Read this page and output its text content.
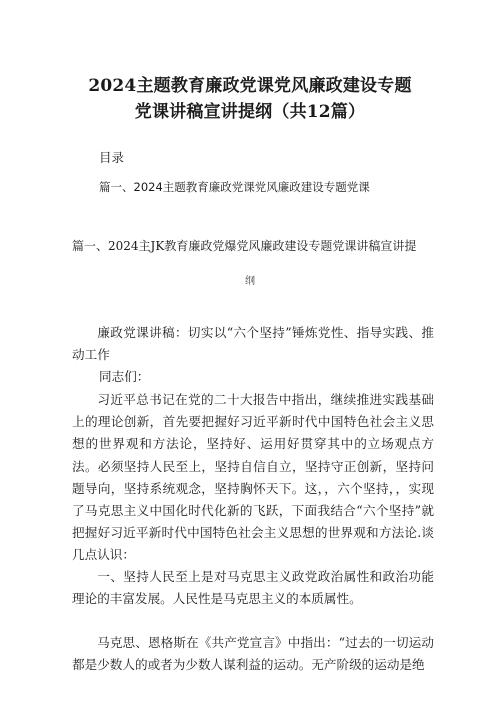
2024主题教育廉政党课党风廉政建设专题
党课讲稿宣讲提纲（共12篇）
目录
篇一、2024主题教育廉政党课党风廉政建设专题党课
篇一、2024主JK教育廉政党爆党风廉政建设专题党课讲稿宣讲提
纲
廉政党课讲稿：切实以“六个坚持”锤炼党性、指导实践、推动工作
同志们：
习近平总书记在党的二十大报告中指出，继续推进实践基础上的理论创新，首先要把握好习近平新时代中国特色社会主义思想的世界观和方法论，坚持好、运用好贯穿其中的立场观点方法。必须坚持人民至上，坚持自信自立，坚持守正创新，坚持问题导向，坚持系统观念，坚持胸怀天下。这，，六个坚持，，实现了马克思主义中国化时代化新的飞跃，下面我结合“六个坚持”就把握好习近平新时代中国特色社会主义思想的世界观和方法论.谈几点认识：
一、坚持人民至上是对马克思主义政党政治属性和政治功能理论的丰富发展。人民性是马克思主义的本质属性。
马克思、恩格斯在《共产党宣言》中指出：“过去的一切运动都是少数人的或者为少数人谋利益的运动。无产阶级的运动是绝
